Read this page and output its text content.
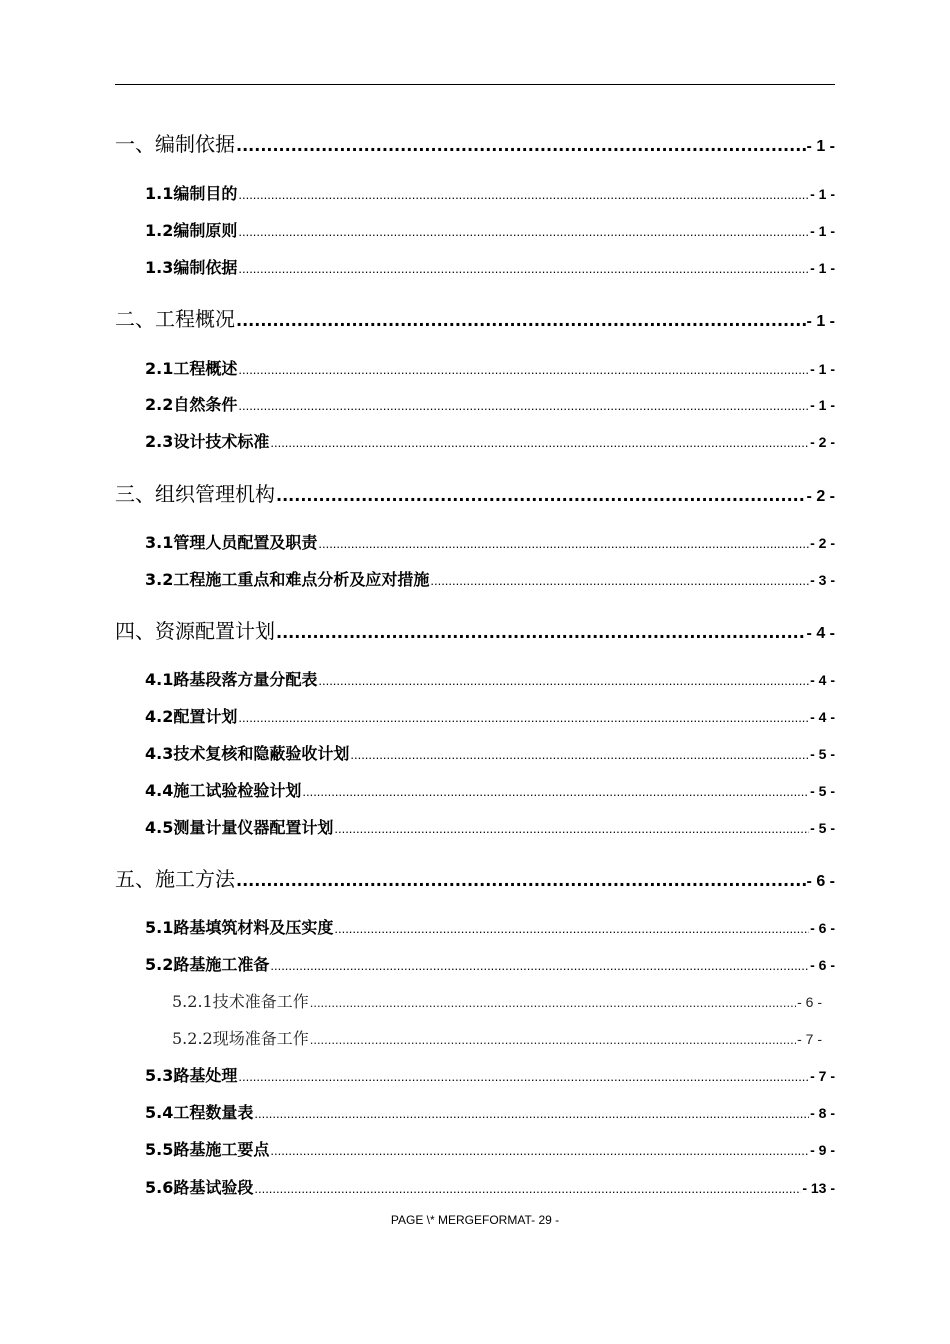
一、编制依据 .....	- 1 -
1.1编制目的 .....	- 1 -
1.2编制原则 .....	- 1 -
1.3编制依据 .....	- 1 -
二、工程概况 .....	- 1 -
2.1工程概述 .....	- 1 -
2.2自然条件 .....	- 1 -
2.3设计技术标准 .....	- 2 -
三、组织管理机构 .....	- 2 -
3.1管理人员配置及职责 .....	- 2 -
3.2工程施工重点和难点分析及应对措施 .....	- 3 -
四、资源配置计划 .....	- 4 -
4.1路基段落方量分配表 .....	- 4 -
4.2配置计划 .....	- 4 -
4.3技术复核和隐蔽验收计划 .....	- 5 -
4.4施工试验检验计划 .....	- 5 -
4.5测量计量仪器配置计划 .....	- 5 -
五、施工方法 .....	- 6 -
5.1路基填筑材料及压实度 .....	- 6 -
5.2路基施工准备 .....	- 6 -
5.2.1技术准备工作 .....	- 6 -
5.2.2现场准备工作 .....	- 7 -
5.3路基处理 .....	- 7 -
5.4工程数量表 .....	- 8 -
5.5路基施工要点 .....	- 9 -
5.6路基试验段 .....	- 13 -
PAGE \* MERGEFORMAT- 29 -
